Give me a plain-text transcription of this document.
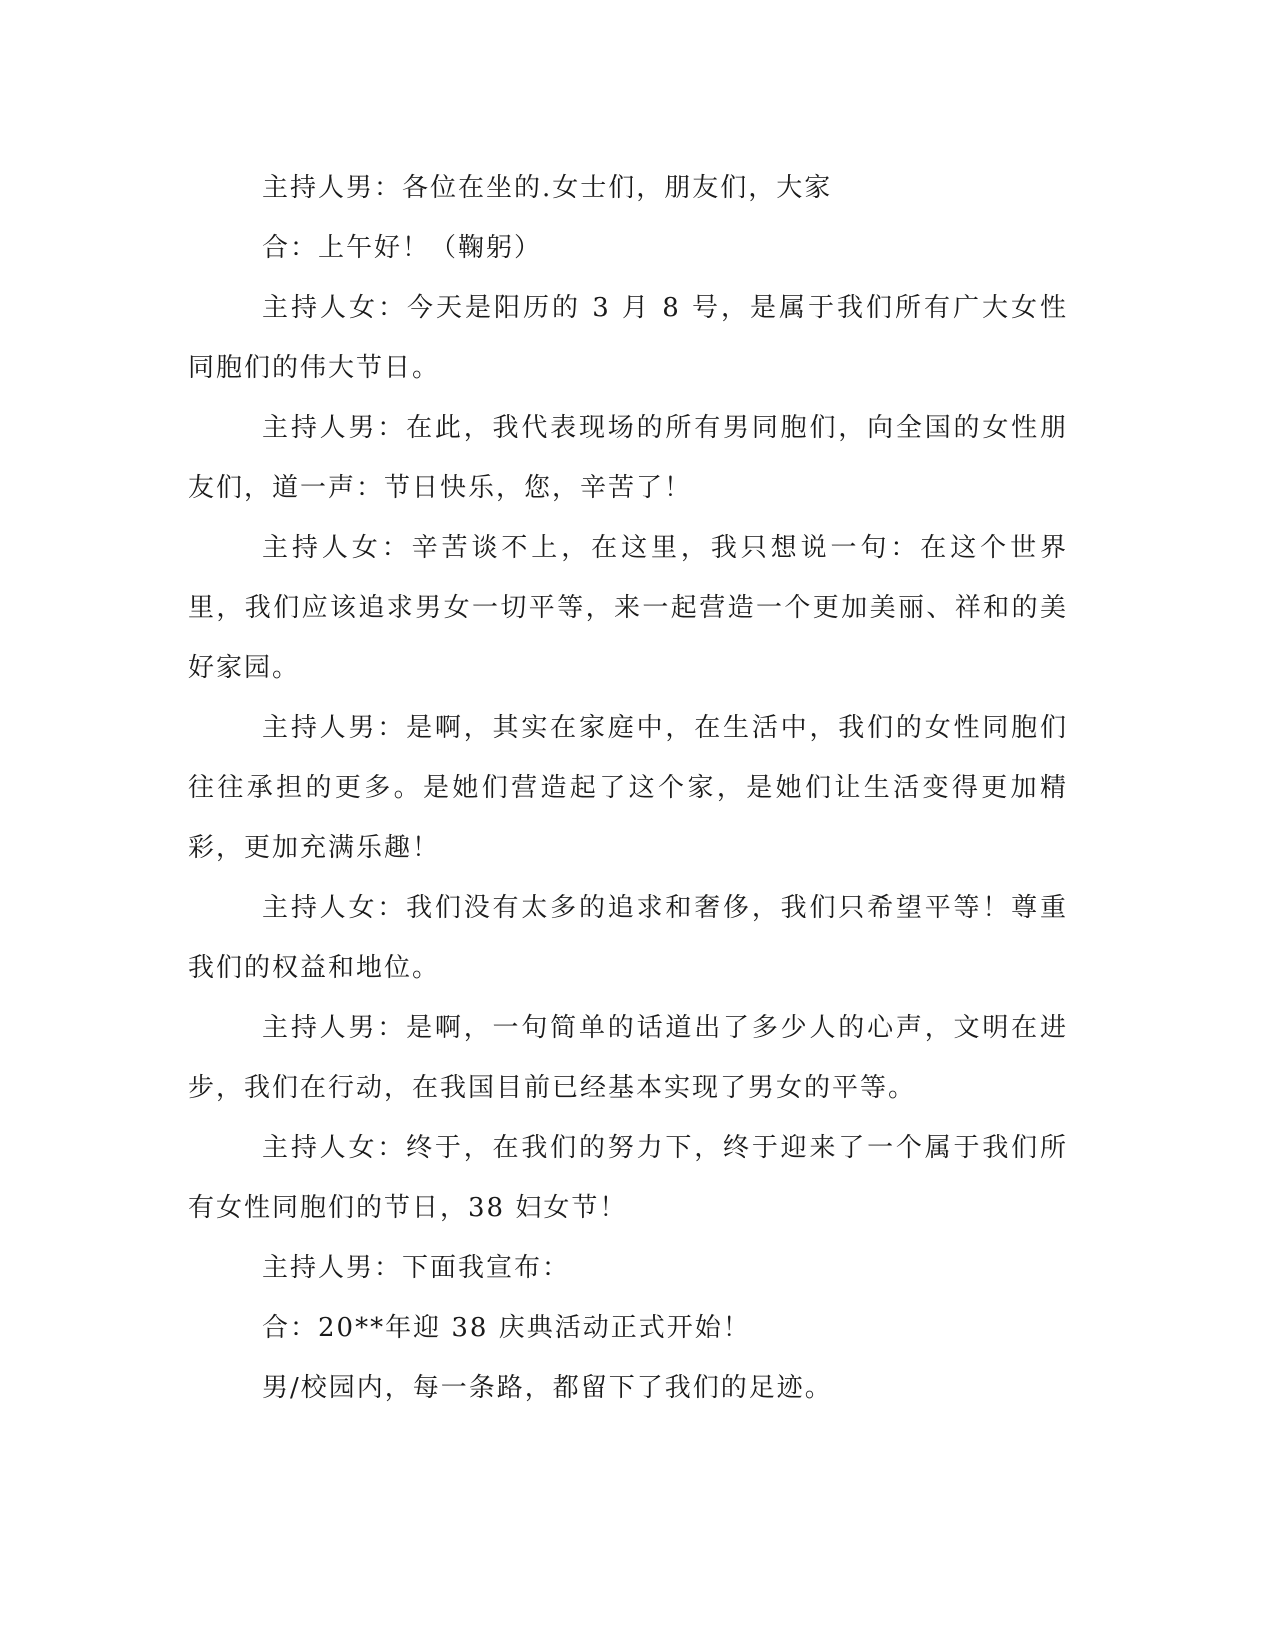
主持人男：各位在坐的.女士们，朋友们，大家

合：上午好！（鞠躬）

主持人女：今天是阳历的 3 月 8 号，是属于我们所有广大女性同胞们的伟大节日。

主持人男：在此，我代表现场的所有男同胞们，向全国的女性朋友们，道一声：节日快乐，您，辛苦了！

主持人女：辛苦谈不上，在这里，我只想说一句：在这个世界里，我们应该追求男女一切平等，来一起营造一个更加美丽、祥和的美好家园。

主持人男：是啊，其实在家庭中，在生活中，我们的女性同胞们往往承担的更多。是她们营造起了这个家，是她们让生活变得更加精彩，更加充满乐趣！

主持人女：我们没有太多的追求和奢侈，我们只希望平等！尊重我们的权益和地位。

主持人男：是啊，一句简单的话道出了多少人的心声，文明在进步，我们在行动，在我国目前已经基本实现了男女的平等。

主持人女：终于，在我们的努力下，终于迎来了一个属于我们所有女性同胞们的节日，38 妇女节！

主持人男：下面我宣布：

合：20**年迎 38 庆典活动正式开始！

男/校园内，每一条路，都留下了我们的足迹。
